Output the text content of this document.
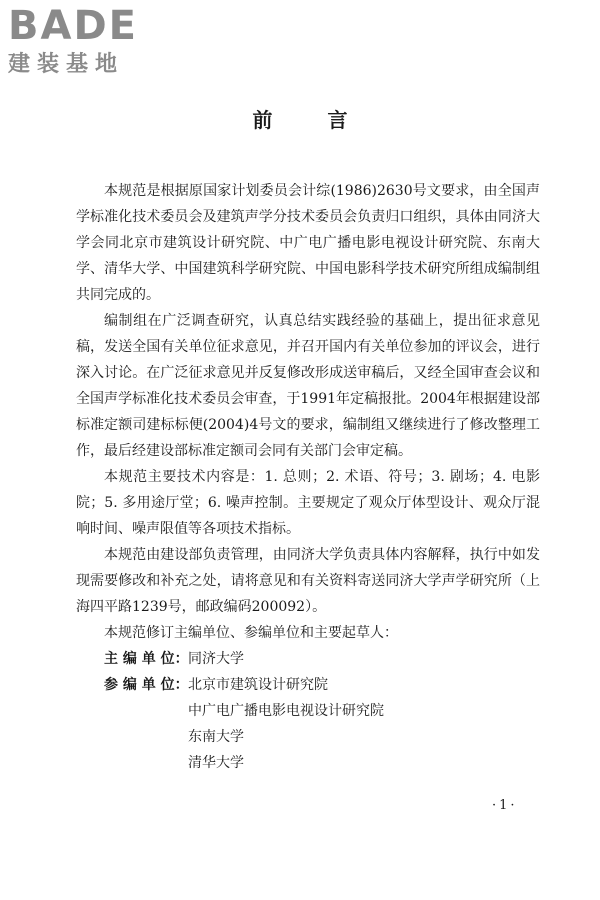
BADE
建装基地
前 言

本规范是根据原国家计划委员会计综(1986)2630号文要求，由全国声学标准化技术委员会及建筑声学分技术委员会负责归口组织，具体由同济大学会同北京市建筑设计研究院、中广电广播电影电视设计研究院、东南大学、清华大学、中国建筑科学研究院、中国电影科学技术研究所组成编制组共同完成的。

编制组在广泛调查研究，认真总结实践经验的基础上，提出征求意见稿，发送全国有关单位征求意见，并召开国内有关单位参加的评议会，进行深入讨论。在广泛征求意见并反复修改形成送审稿后，又经全国审查会议和全国声学标准化技术委员会审查，于1991年定稿报批。2004年根据建设部标准定额司建标标便(2004)4号文的要求，编制组又继续进行了修改整理工作，最后经建设部标准定额司会同有关部门会审定稿。

本规范主要技术内容是：1. 总则；2. 术语、符号；3. 剧场；4. 电影院；5. 多用途厅堂；6. 噪声控制。主要规定了观众厅体型设计、观众厅混响时间、噪声限值等各项技术指标。

本规范由建设部负责管理，由同济大学负责具体内容解释，执行中如发现需要修改和补充之处，请将意见和有关资料寄送同济大学声学研究所（上海四平路1239号，邮政编码200092）。

本规范修订主编单位、参编单位和主要起草人：

主 编 单 位： 同济大学
参 编 单 位： 北京市建筑设计研究院
中广电广播电影电视设计研究院
东南大学
清华大学
·1·
